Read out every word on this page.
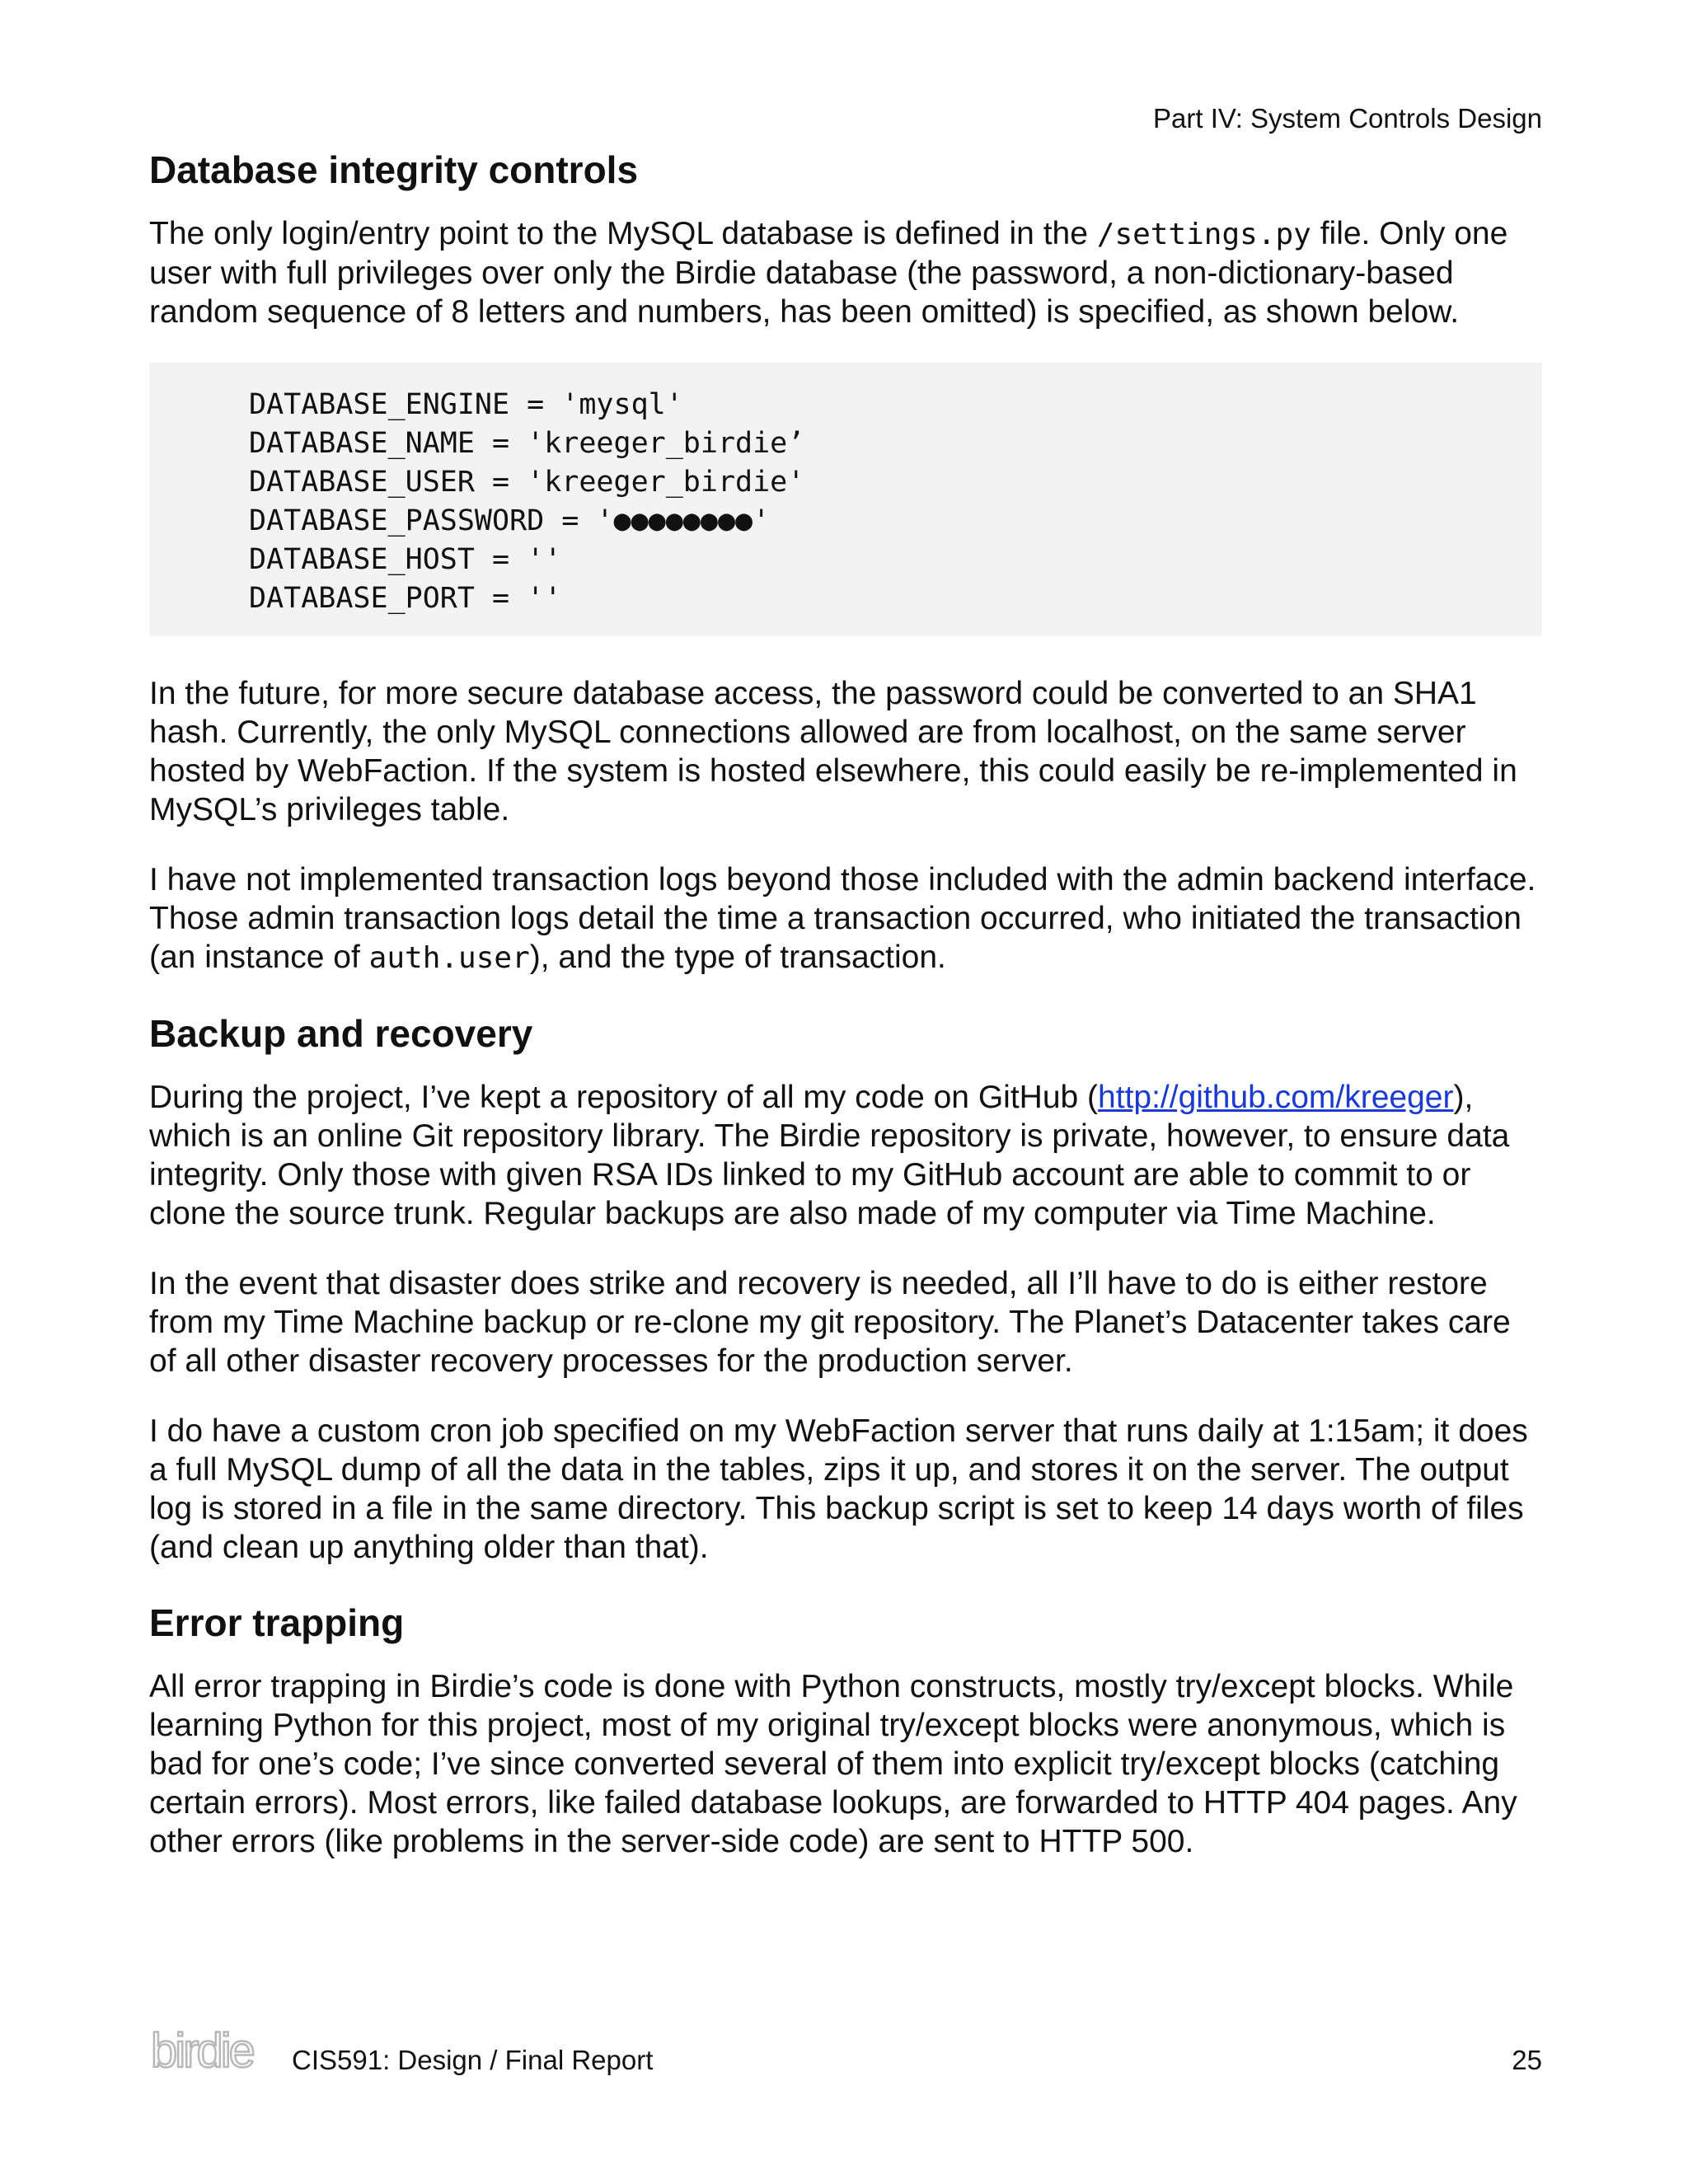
Part IV: System Controls Design
Database integrity controls

The only login/entry point to the MySQL database is defined in the /settings.py file. Only one user with full privileges over only the Birdie database (the password, a non-dictionary-based random sequence of 8 letters and numbers, has been omitted) is specified, as shown below.

DATABASE_ENGINE = 'mysql'
DATABASE_NAME = 'kreeger_birdie’
DATABASE_USER = 'kreeger_birdie'
DATABASE_PASSWORD = '●●●●●●●●'
DATABASE_HOST = ''
DATABASE_PORT = ''

In the future, for more secure database access, the password could be converted to an SHA1 hash. Currently, the only MySQL connections allowed are from localhost, on the same server hosted by WebFaction. If the system is hosted elsewhere, this could easily be re-implemented in MySQL’s privileges table.

I have not implemented transaction logs beyond those included with the admin backend interface. Those admin transaction logs detail the time a transaction occurred, who initiated the transaction (an instance of auth.user), and the type of transaction.

Backup and recovery

During the project, I’ve kept a repository of all my code on GitHub (http://github.com/kreeger), which is an online Git repository library. The Birdie repository is private, however, to ensure data integrity. Only those with given RSA IDs linked to my GitHub account are able to commit to or clone the source trunk. Regular backups are also made of my computer via Time Machine.

In the event that disaster does strike and recovery is needed, all I’ll have to do is either restore from my Time Machine backup or re-clone my git repository. The Planet’s Datacenter takes care of all other disaster recovery processes for the production server.

I do have a custom cron job specified on my WebFaction server that runs daily at 1:15am; it does a full MySQL dump of all the data in the tables, zips it up, and stores it on the server. The output log is stored in a file in the same directory. This backup script is set to keep 14 days worth of files (and clean up anything older than that).

Error trapping

All error trapping in Birdie’s code is done with Python constructs, mostly try/except blocks. While learning Python for this project, most of my original try/except blocks were anonymous, which is bad for one’s code; I’ve since converted several of them into explicit try/except blocks (catching certain errors). Most errors, like failed database lookups, are forwarded to HTTP 404 pages. Any other errors (like problems in the server-side code) are sent to HTTP 500.

birdie CIS591: Design / Final Report	25
